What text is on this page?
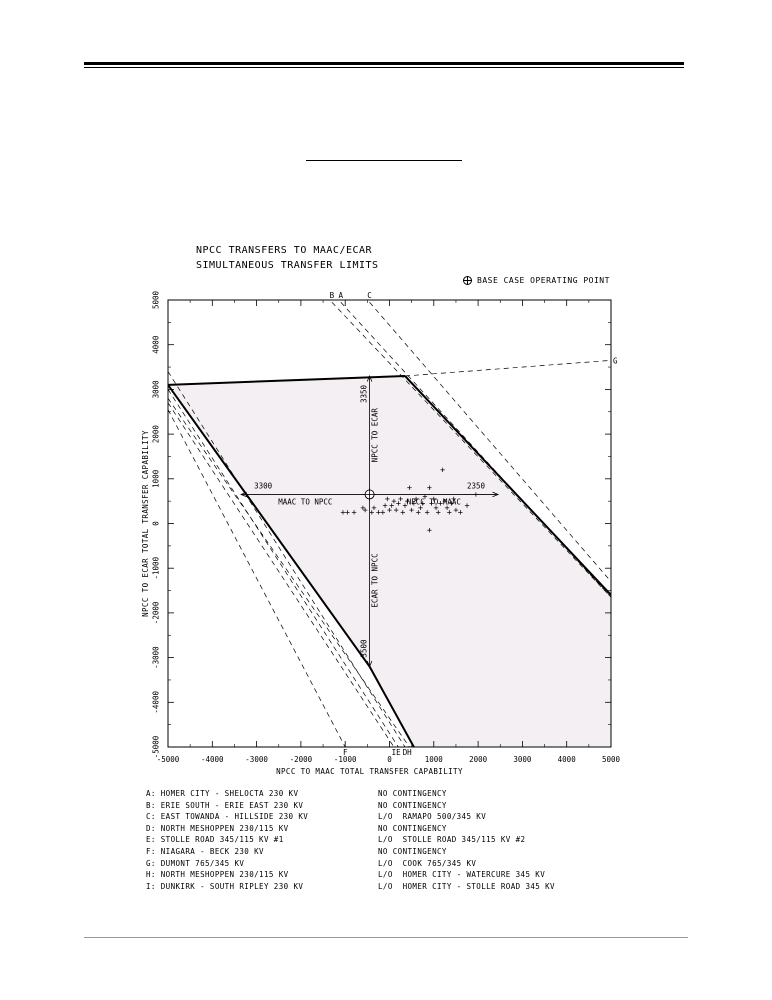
NPCC TRANSFERS TO MAAC/ECAR
SIMULTANEOUS TRANSFER LIMITS
BASE CASE OPERATING POINT
-5000	-4000	-3000	-2000	-1000	0	1000	2000	3000	4000	5000
-5000
-4000
-3000
-2000
-1000
0
1000
2000
3000
4000
5000	A
B	C
D
E
F
G
H
I
NPCC TO ECAR
3350
ECAR TO NPCC
3500
MAAC TO NPCC
3300
NPCC TO MAAC
2350
NPCC TO MAAC TOTAL TRANSFER CAPABILITY
NPCC TO ECAR TOTAL TRANSFER CAPABILITY
A: HOMER CITY - SHELOCTA 230 KV	NO CONTINGENCY
B: ERIE SOUTH - ERIE EAST 230 KV	NO CONTINGENCY
C: EAST TOWANDA - HILLSIDE 230 KV	L/O  RAMAPO 500/345 KV
D: NORTH MESHOPPEN 230/115 KV	NO CONTINGENCY
E: STOLLE ROAD 345/115 KV #1	L/O  STOLLE ROAD 345/115 KV #2
F: NIAGARA - BECK 230 KV	NO CONTINGENCY
G: DUMONT 765/345 KV	L/O  COOK 765/345 KV
H: NORTH MESHOPPEN 230/115 KV	L/O  HOMER CITY - WATERCURE 345 KV
I: DUNKIRK - SOUTH RIPLEY 230 KV	L/O  HOMER CITY - STOLLE ROAD 345 KV
